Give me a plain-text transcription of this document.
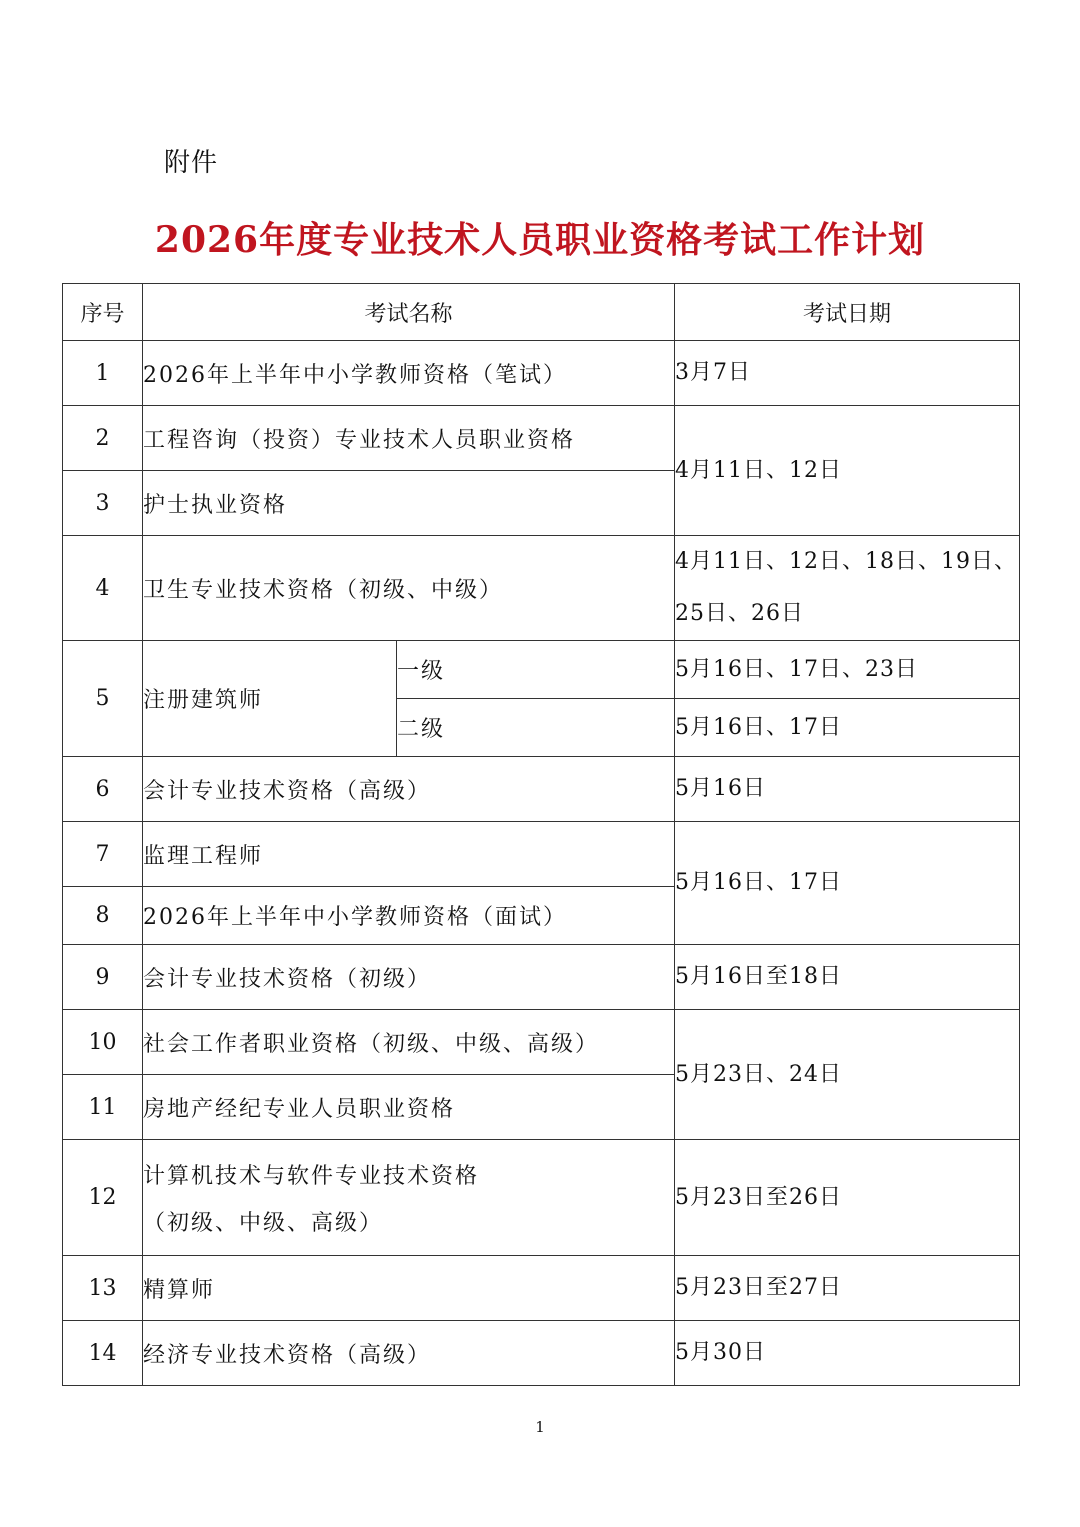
附件
2026年度专业技术人员职业资格考试工作计划
序号	考试名称		考试日期
1	2026年上半年中小学教师资格（笔试）		3月7日
2	工程咨询（投资）专业技术人员职业资格		4月11日、12日
3	护士执业资格		
4	卫生专业技术资格（初级、中级）		4月11日、12日、18日、19日、
25日、26日

5	注册建筑师	一级	5月16日、17日、23日
		二级	5月16日、17日
6	会计专业技术资格（高级）		5月16日
7	监理工程师		5月16日、17日
8	2026年上半年中小学教师资格（面试）		
9	会计专业技术资格（初级）		5月16日至18日
10	社会工作者职业资格（初级、中级、高级）		5月23日、24日
11	房地产经纪专业人员职业资格		
12	计算机技术与软件专业技术资格
（初级、中级、高级）		5月23日至26日
13	精算师		5月23日至27日
14	经济专业技术资格（高级）		5月30日
1
